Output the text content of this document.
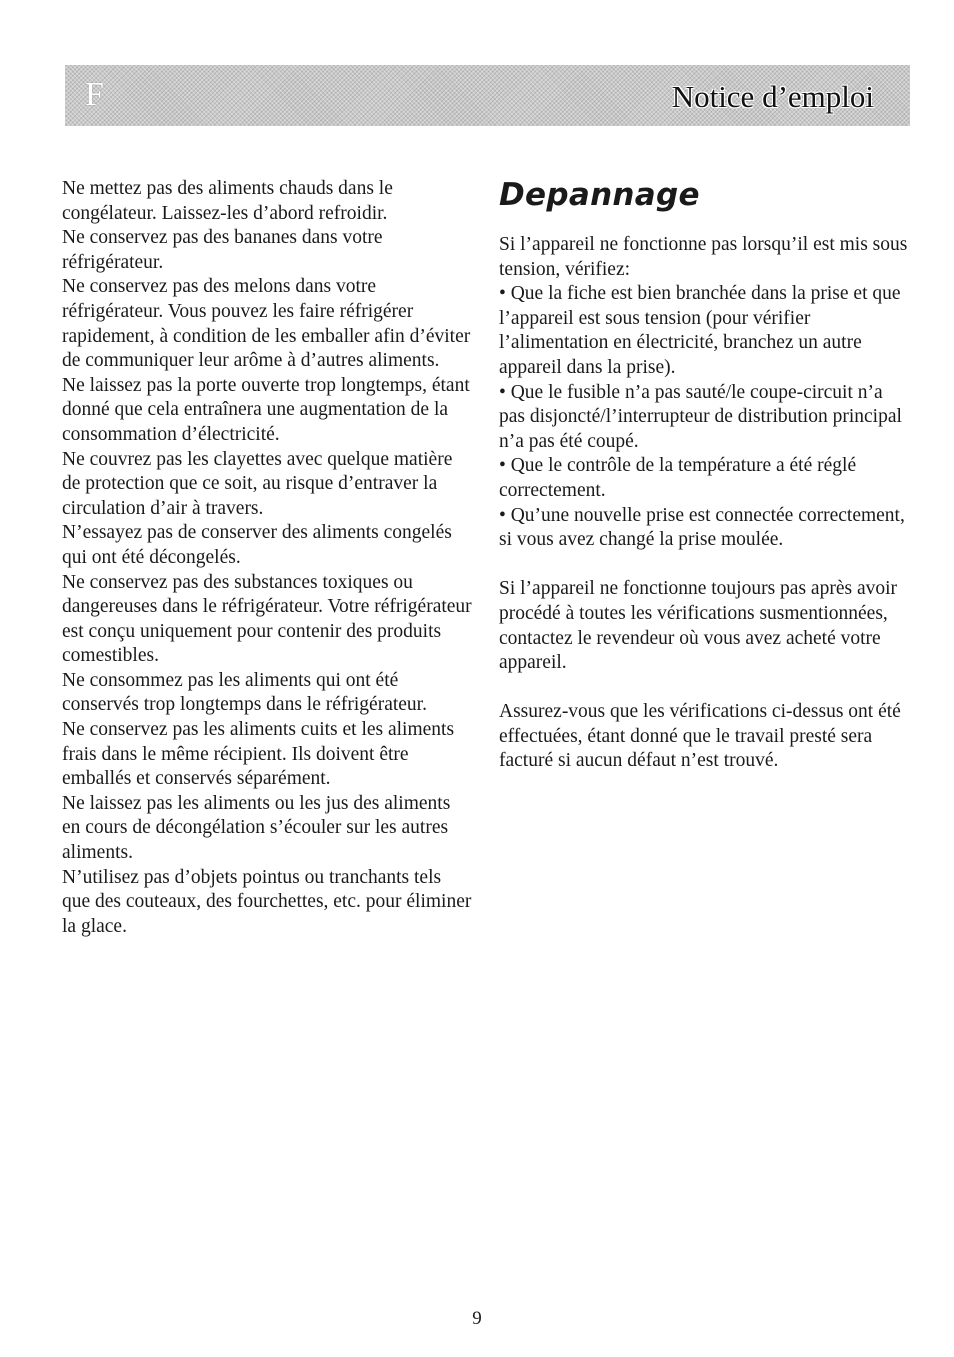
F	Notice d’emploi

Ne mettez pas des aliments chauds dans le congélateur. Laissez-les d’abord refroidir.

Ne conservez pas des bananes dans votre réfrigérateur.

Ne conservez pas des melons dans votre réfrigérateur. Vous pouvez les faire réfrigérer rapidement, à condition de les emballer afin d’éviter de communiquer leur arôme à d’autres aliments.

Ne laissez pas la porte ouverte trop longtemps, étant donné que cela entraînera une augmentation de la consommation d’électricité.

Ne couvrez pas les clayettes avec quelque matière de protection que ce soit, au risque d’entraver la circulation d’air à travers.

N’essayez pas de conserver des aliments congelés qui ont été décongelés.

Ne conservez pas des substances toxiques ou dangereuses dans le réfrigérateur. Votre réfrigérateur est conçu uniquement pour contenir des produits comestibles.

Ne consommez pas les aliments qui ont été conservés trop longtemps dans le réfrigérateur.

Ne conservez pas les aliments cuits et les aliments frais dans le même récipient. Ils doivent être emballés et conservés séparément.

Ne laissez pas les aliments ou les jus des aliments en cours de décongélation s’écouler sur les autres aliments.

N’utilisez pas d’objets pointus ou tranchants tels que des couteaux, des fourchettes, etc. pour éliminer la glace.

Depannage

Si l’appareil ne fonctionne pas lorsqu’il est mis sous tension, vérifiez:

• Que la fiche est bien branchée dans la prise et que l’appareil est sous tension (pour vérifier l’alimentation en électricité, branchez un autre appareil dans la prise).

• Que le fusible n’a pas sauté/le coupe-circuit n’a pas disjoncté/l’interrupteur de distribution principal n’a pas été coupé.

• Que le contrôle de la température a été réglé correctement.

• Qu’une nouvelle prise est connectée correctement, si vous avez changé la prise moulée.

Si l’appareil ne fonctionne toujours pas après avoir procédé à toutes les vérifications susmentionnées, contactez le revendeur où vous avez acheté votre appareil.

Assurez-vous que les vérifications ci-dessus ont été effectuées, étant donné que le travail presté sera facturé si aucun défaut n’est trouvé.

9
